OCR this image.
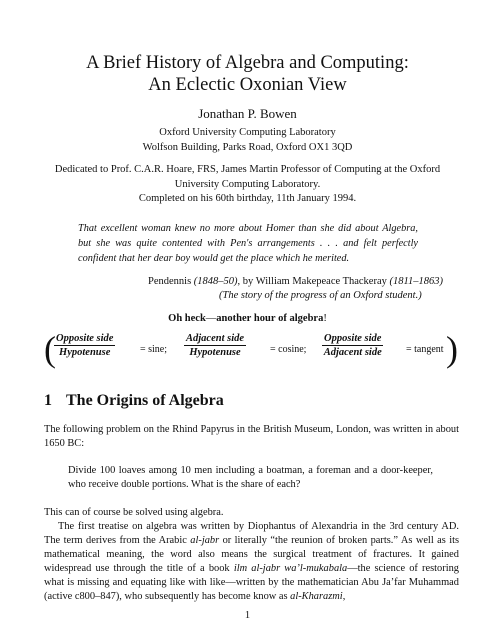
A Brief History of Algebra and Computing:
An Eclectic Oxonian View
Jonathan P. Bowen
Oxford University Computing Laboratory
Wolfson Building, Parks Road, Oxford OX1 3QD
Dedicated to Prof. C.A.R. Hoare, FRS, James Martin Professor of Computing at the Oxford University Computing Laboratory.
Completed on his 60th birthday, 11th January 1994.
That excellent woman knew no more about Homer than she did about Algebra, but she was quite contented with Pen's arrangements . . . and felt perfectly confident that her dear boy would get the place which he merited.
Pendennis (1848–50), by William Makepeace Thackeray (1811–1863)
(The story of the progress of an Oxford student.)
Oh heck—another hour of algebra!
( Opposite side
Hypotenuse	= sine;
Adjacent side
Hypotenuse	= cosine;
Opposite side
Adjacent side = tangent )
1 The Origins of Algebra

The following problem on the Rhind Papyrus in the British Museum, London, was written in about 1650 BC:

Divide 100 loaves among 10 men including a boatman, a foreman and a door-keeper, who receive double portions. What is the share of each?

This can of course be solved using algebra.

The first treatise on algebra was written by Diophantus of Alexandria in the 3rd century AD. The term derives from the Arabic al-jabr or literally “the reunion of broken parts.” As well as its mathematical meaning, the word also means the surgical treatment of fractures. It gained widespread use through the title of a book ilm al-jabr wa’l-mukabala—the science of restoring what is missing and equating like with like—written by the mathematician Abu Ja’far Muhammad (active c800–847), who subsequently has become know as al-Kharazmi,

1
